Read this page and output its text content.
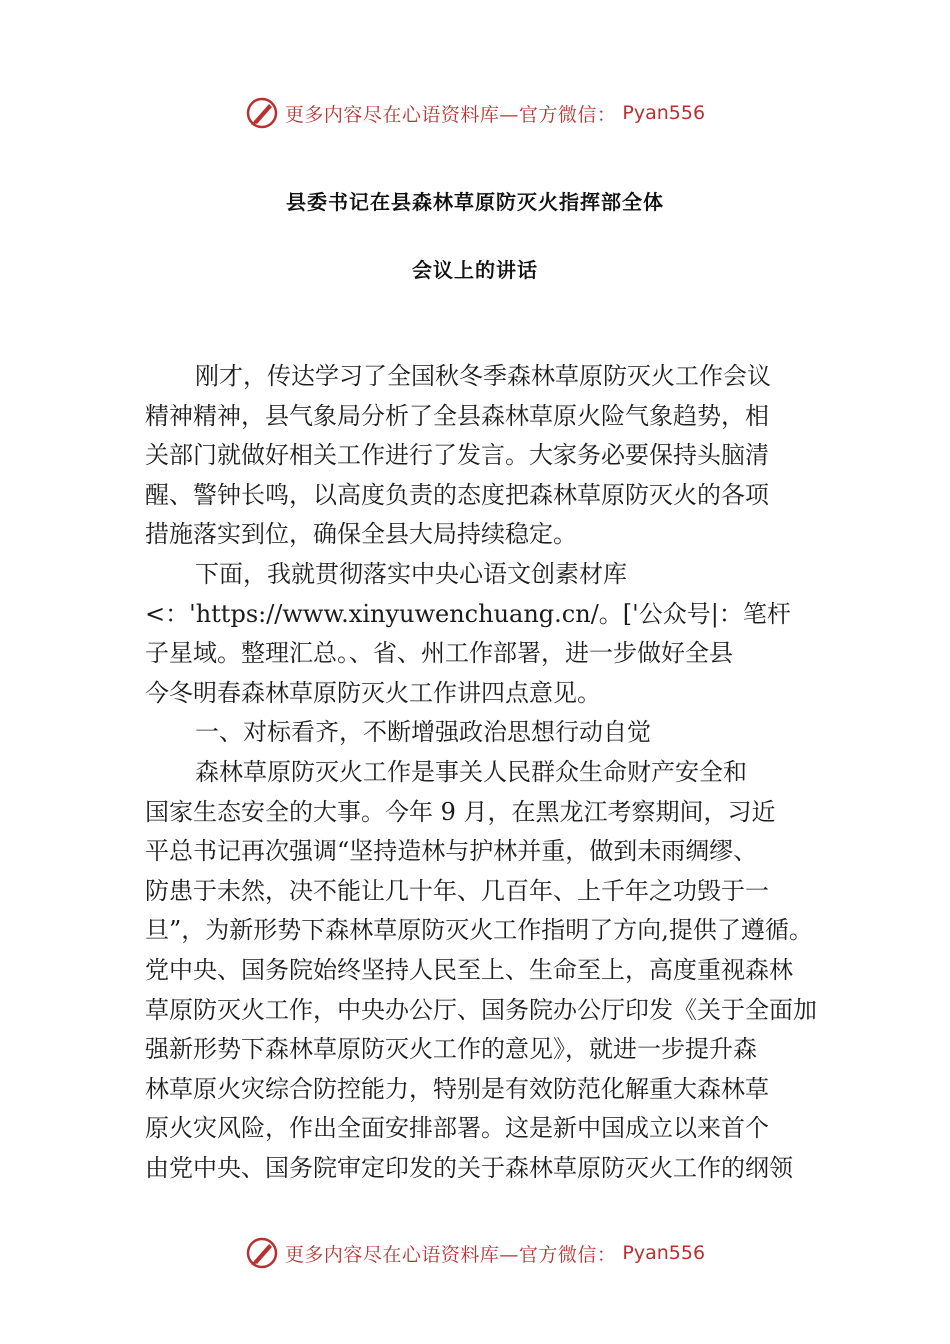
更多内容尽在心语资料库—官方微信： Pyan556
县委书记在县森林草原防灭火指挥部全体
会议上的讲话
刚才，传达学习了全国秋冬季森林草原防灭火工作会议
精神精神，县气象局分析了全县森林草原火险气象趋势，相
关部门就做好相关工作进行了发言。大家务必要保持头脑清
醒、警钟长鸣，以高度负责的态度把森林草原防灭火的各项
措施落实到位，确保全县大局持续稳定。
下面，我就贯彻落实中央心语文创素材库
<：'https://www.xinyuwenchuang.cn/。['公众号|：笔杆
子星域。整理汇总。、省、州工作部署，进一步做好全县
今冬明春森林草原防灭火工作讲四点意见。
一、对标看齐，不断增强政治思想行动自觉
森林草原防灭火工作是事关人民群众生命财产安全和
国家生态安全的大事。今年 9 月，在黑龙江考察期间，习近
平总书记再次强调“坚持造林与护林并重，做到未雨绸缪、
防患于未然，决不能让几十年、几百年、上千年之功毁于一
旦”，为新形势下森林草原防灭火工作指明了方向,提供了遵循。
党中央、国务院始终坚持人民至上、生命至上，高度重视森林
草原防灭火工作，中央办公厅、国务院办公厅印发《关于全面加
强新形势下森林草原防灭火工作的意见》，就进一步提升森
林草原火灾综合防控能力，特别是有效防范化解重大森林草
原火灾风险，作出全面安排部署。这是新中国成立以来首个
由党中央、国务院审定印发的关于森林草原防灭火工作的纲领
更多内容尽在心语资料库—官方微信： Pyan556
